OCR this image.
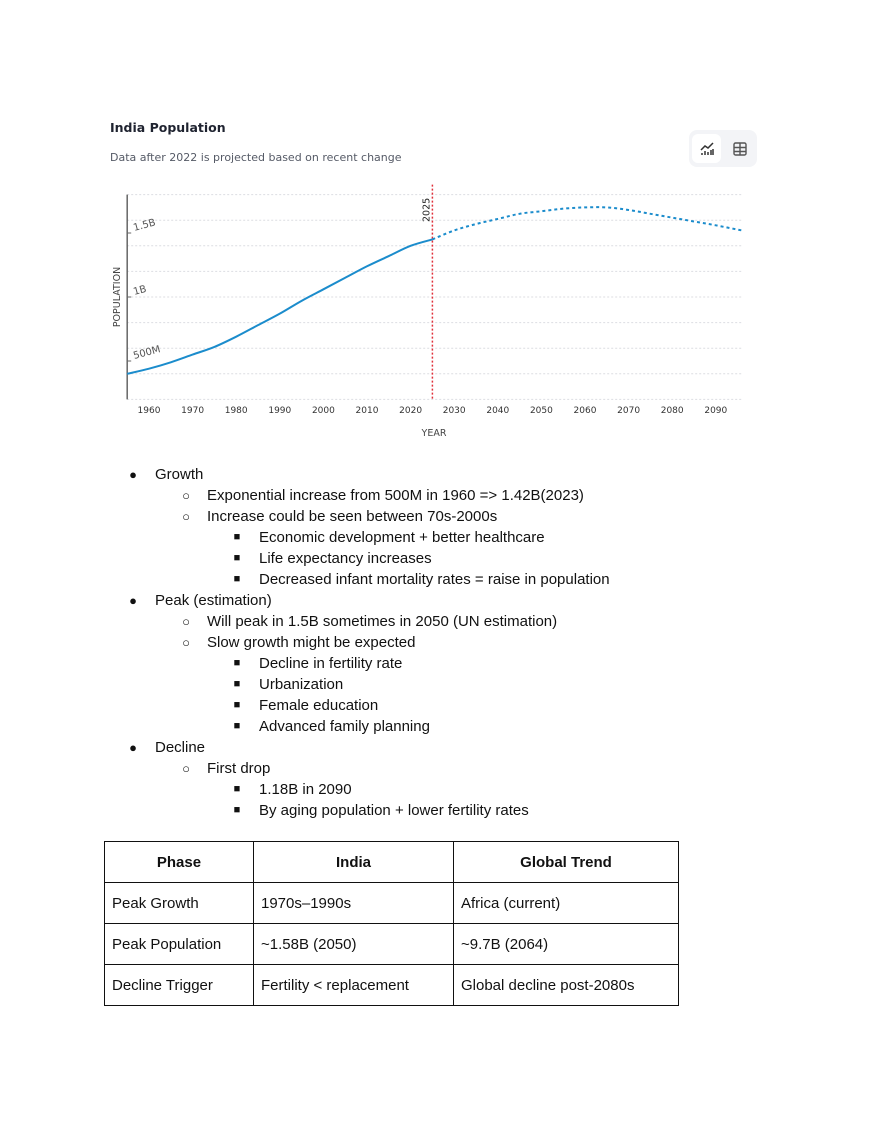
India Population
Data after 2022 is projected based on recent change
500M
1B
1.5B
1960 1970 1980 1990 2000 2010 2020 2030 2040 2050 2060 2070 2080 2090
YEAR
POPULATION
2025
●	Growth
○	Exponential increase from 500M in 1960 => 1.42B(2023)
○	Increase could be seen between 70s-2000s
■	Economic development + better healthcare
■	Life expectancy increases
■	Decreased infant mortality rates = raise in population
●	Peak (estimation)
○	Will peak in 1.5B sometimes in 2050 (UN estimation)
○	Slow growth might be expected
■	Decline in fertility rate
■	Urbanization
■	Female education
■	Advanced family planning
●	Decline
○	First drop
■	1.18B in 2090
■	By aging population + lower fertility rates
Phase	India	Global Trend
Peak Growth	1970s–1990s	Africa (current)
Peak Population	~1.58B (2050)	~9.7B (2064)
Decline Trigger	Fertility < replacement	Global decline post-2080s
